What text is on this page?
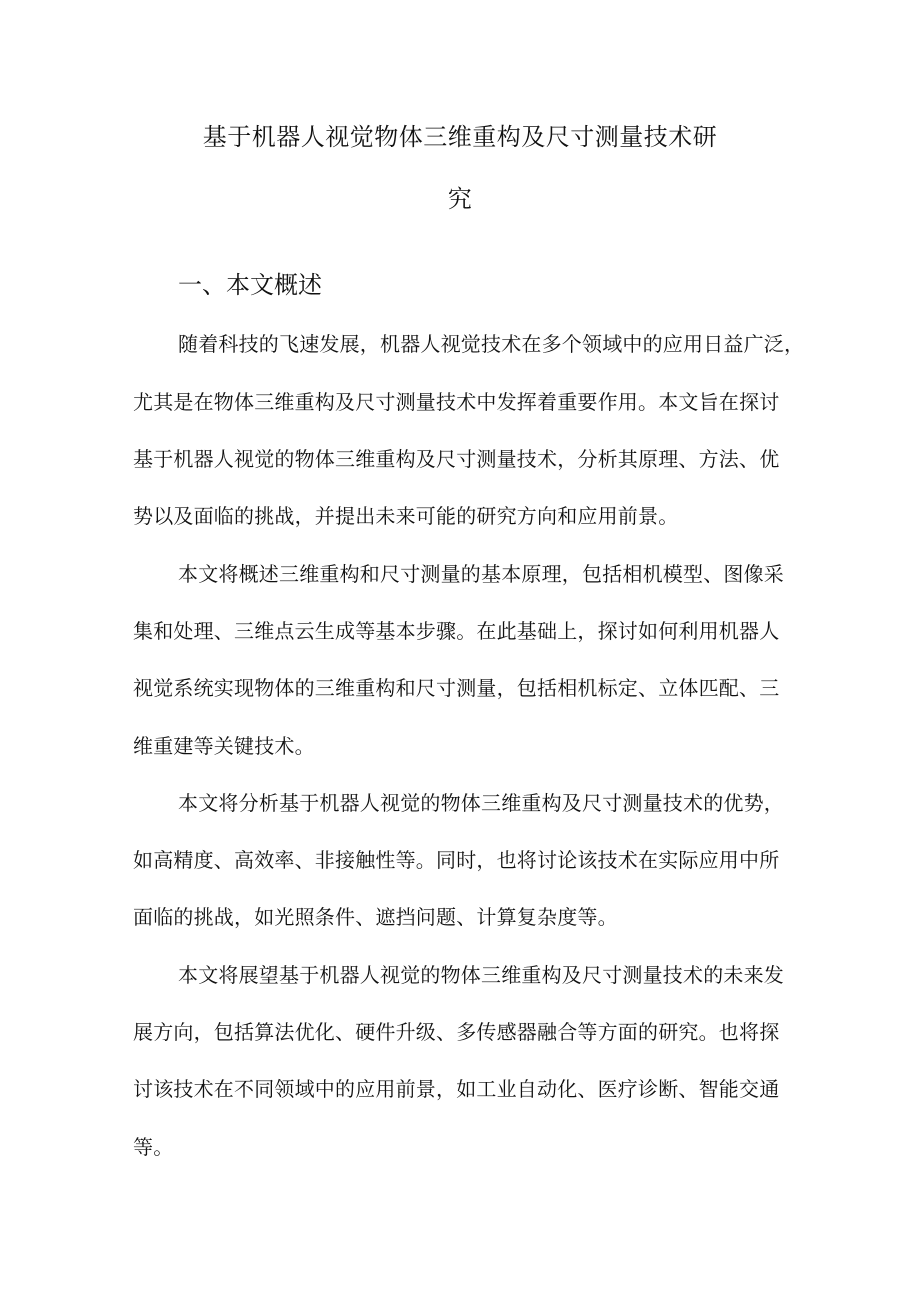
基于机器人视觉物体三维重构及尺寸测量技术研
究
一、本文概述
随着科技的飞速发展，机器人视觉技术在多个领域中的应用日益广泛，
尤其是在物体三维重构及尺寸测量技术中发挥着重要作用。本文旨在探讨
基于机器人视觉的物体三维重构及尺寸测量技术，分析其原理、方法、优
势以及面临的挑战，并提出未来可能的研究方向和应用前景。
本文将概述三维重构和尺寸测量的基本原理，包括相机模型、图像采
集和处理、三维点云生成等基本步骤。在此基础上，探讨如何利用机器人
视觉系统实现物体的三维重构和尺寸测量，包括相机标定、立体匹配、三
维重建等关键技术。
本文将分析基于机器人视觉的物体三维重构及尺寸测量技术的优势，
如高精度、高效率、非接触性等。同时，也将讨论该技术在实际应用中所
面临的挑战，如光照条件、遮挡问题、计算复杂度等。
本文将展望基于机器人视觉的物体三维重构及尺寸测量技术的未来发
展方向，包括算法优化、硬件升级、多传感器融合等方面的研究。也将探
讨该技术在不同领域中的应用前景，如工业自动化、医疗诊断、智能交通
等。
